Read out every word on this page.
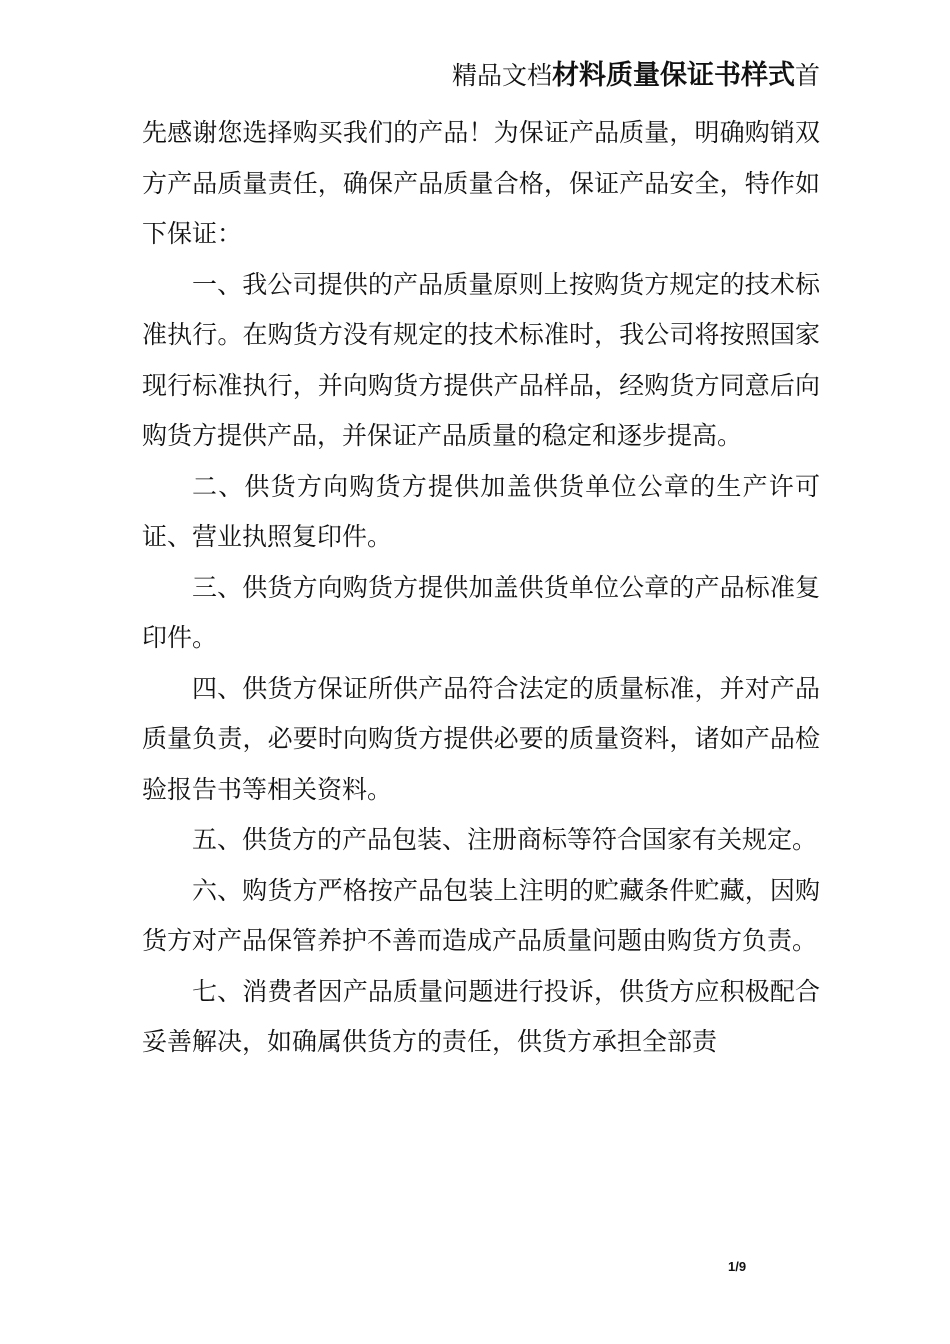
精品文档材料质量保证书样式首

先感谢您选择购买我们的产品！为保证产品质量，明确购销双方产品质量责任，确保产品质量合格，保证产品安全，特作如下保证：

一、我公司提供的产品质量原则上按购货方规定的技术标准执行。在购货方没有规定的技术标准时，我公司将按照国家现行标准执行，并向购货方提供产品样品，经购货方同意后向购货方提供产品，并保证产品质量的稳定和逐步提高。

二、供货方向购货方提供加盖供货单位公章的生产许可证、营业执照复印件。

三、供货方向购货方提供加盖供货单位公章的产品标准复印件。

四、供货方保证所供产品符合法定的质量标准，并对产品质量负责，必要时向购货方提供必要的质量资料，诸如产品检验报告书等相关资料。

五、供货方的产品包装、注册商标等符合国家有关规定。

六、购货方严格按产品包装上注明的贮藏条件贮藏，因购货方对产品保管养护不善而造成产品质量问题由购货方负责。

七、消费者因产品质量问题进行投诉，供货方应积极配合妥善解决，如确属供货方的责任，供货方承担全部责

1/9
